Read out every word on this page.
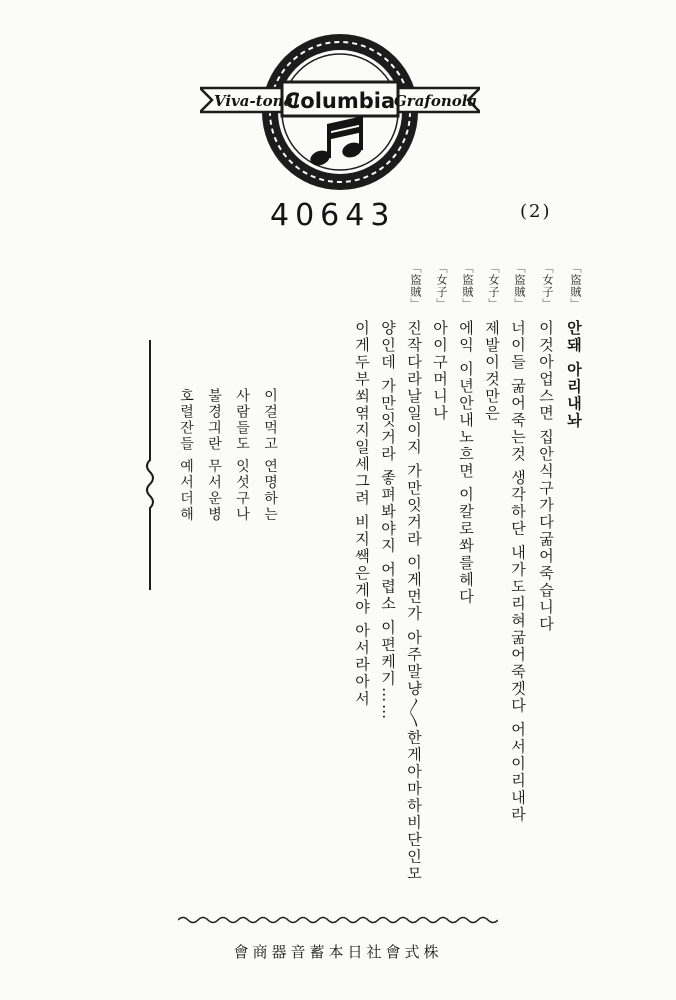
Viva-tonal
Columbia
Grafonola
40643	(2)
「盜賊」
안돼 아리내놔
「女子」
이것아업스면 집안식구가다굶어죽습니다
「盜賊」
너이들 굶어죽는것 생각하단 내가도리혀굶어죽겟다 어서이리내라
「女子」
제발이것만은
「盜賊」
에익 이년안내노흐면 이칼로쏴를헤다
「女子」
아이구머니나
「盜賊」
진작다라날일이지 가만잇거라 이게먼가 아주말냥〳〵한게아마하비단인모
양인데 가만잇거라 좋펴봐야지 어렵소 이편케기……
이게두부쐬엮지일세그려 비지쌕은게야 아서라아서
이걸먹고 연명하는
사람들도 잇섯구나
불경긔란 무서운병
호렬잔들 예서더해
會商器音蓄本日社會式株
